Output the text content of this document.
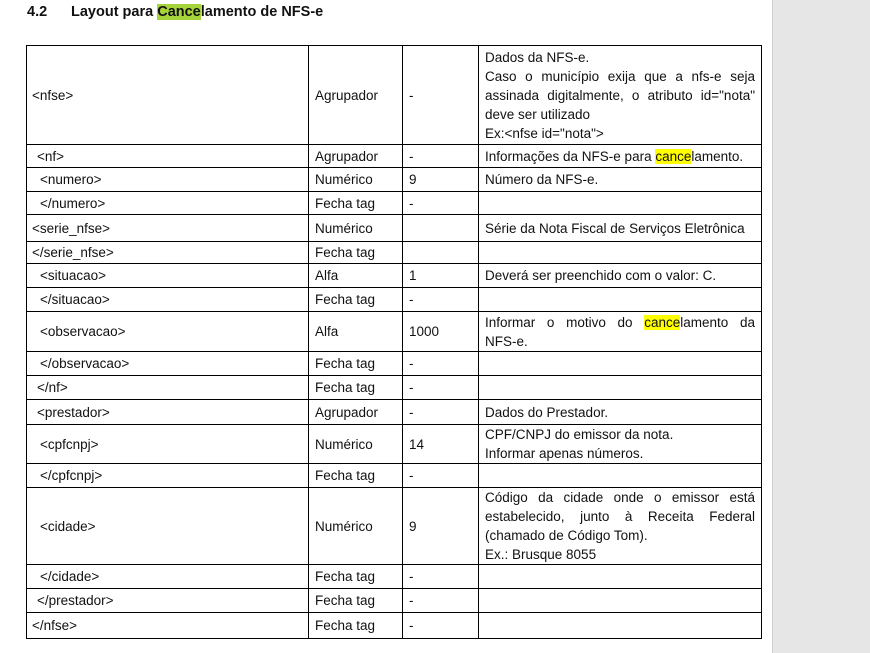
4.2 Layout para Cancelamento de NFS-e
<nfse>	Agrupador	-	Dados da NFS-e.
Caso o município exija que a nfs-e seja
assinada digitalmente, o atributo id="nota"
deve ser utilizado
Ex:<nfse id="nota">

<nf>	Agrupador	-	Informações da NFS-e para cancelamento.
<numero>	Numérico	9	Número da NFS-e.
</numero>	Fecha tag	-	
<serie_nfse>	Numérico		Série da Nota Fiscal de Serviços Eletrônica
</serie_nfse>	Fecha tag		
<situacao>	Alfa	1	Deverá ser preenchido com o valor: C.
</situacao>	Fecha tag	-	
<observacao>	Alfa	1000	Informar o motivo do cancelamento da
NFS-e.

</observacao>	Fecha tag	-	
</nf>	Fecha tag	-	
<prestador>	Agrupador	-	Dados do Prestador.
<cpfcnpj>	Numérico	14	CPF/CNPJ do emissor da nota.
Informar apenas números.

</cpfcnpj>	Fecha tag	-	
<cidade>	Numérico	9	Código da cidade onde o emissor está
estabelecido, junto à Receita Federal
(chamado de Código Tom).
Ex.: Brusque 8055

</cidade>	Fecha tag	-	
</prestador>	Fecha tag	-	
</nfse>	Fecha tag	-	
